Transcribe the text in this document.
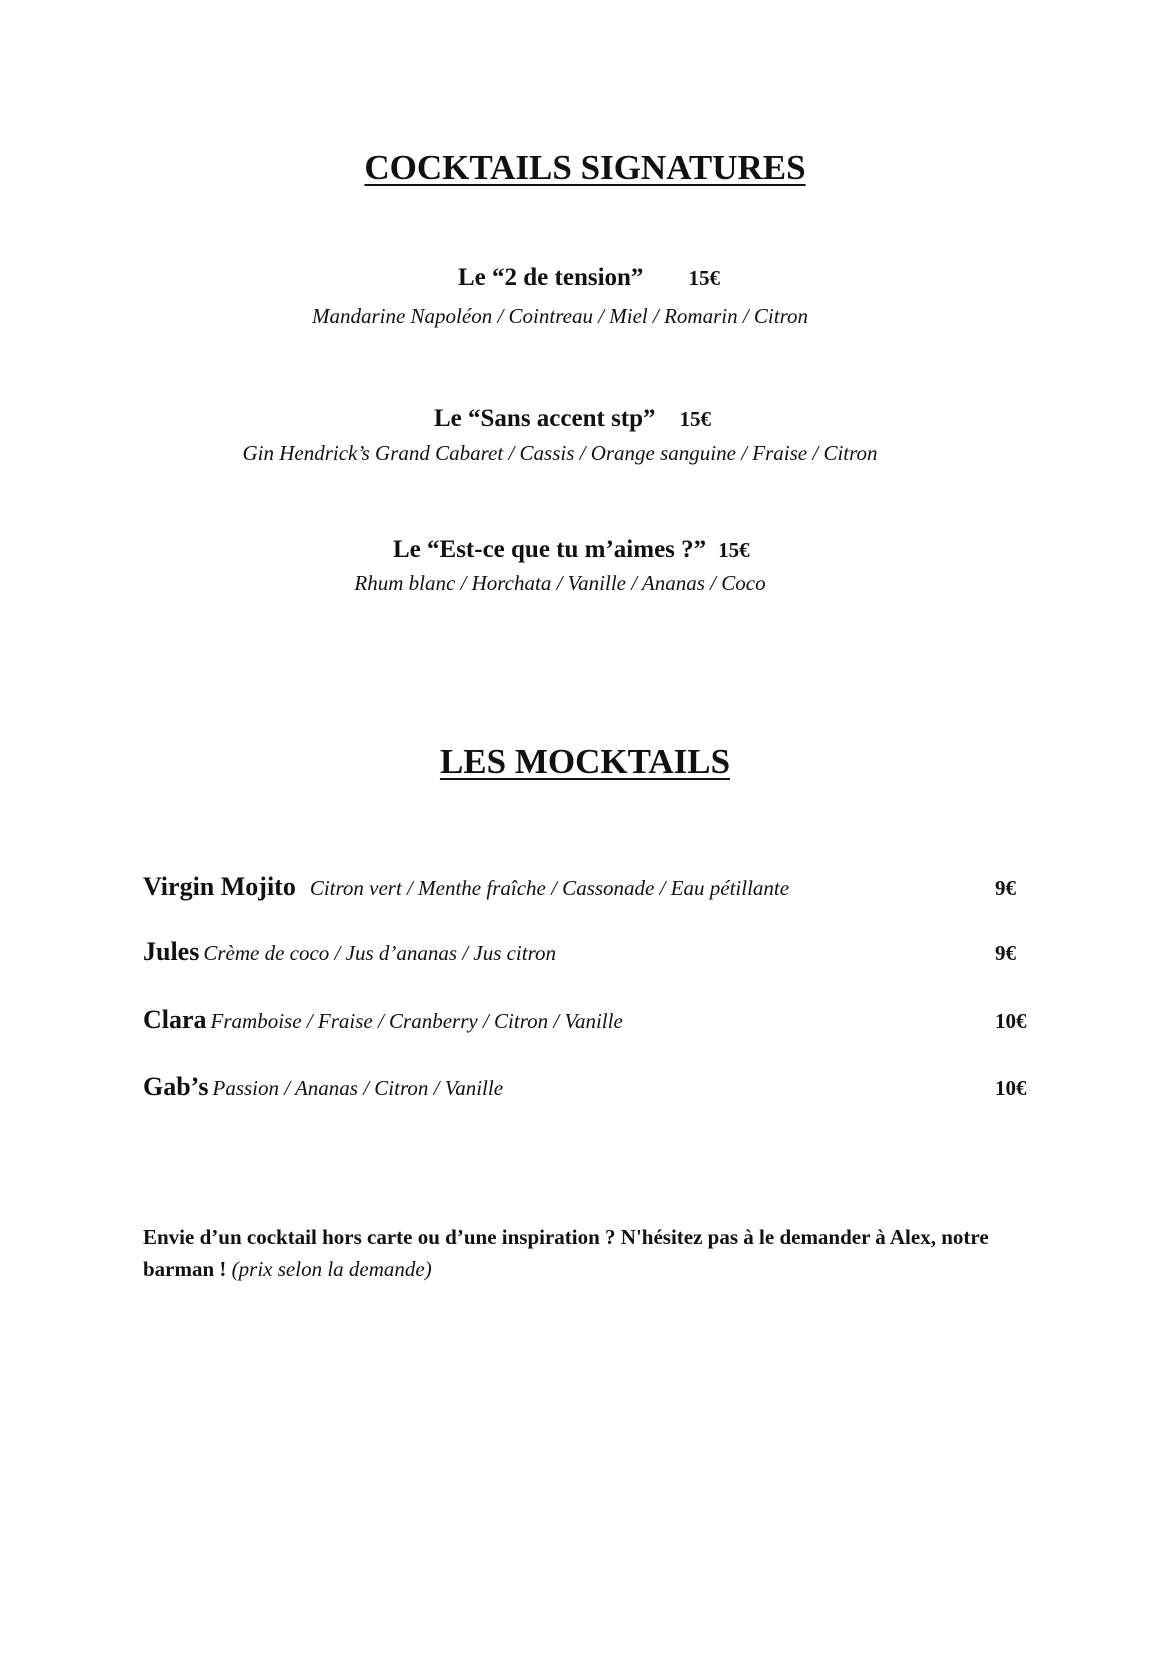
COCKTAILS SIGNATURES
Le “2 de tension” 15€
Mandarine Napoléon / Cointreau / Miel / Romarin / Citron
Le “Sans accent stp” 15€
Gin Hendrick’s Grand Cabaret / Cassis / Orange sanguine / Fraise / Citron
Le “Est-ce que tu m’aimes ?” 15€
Rhum blanc / Horchata / Vanille / Ananas / Coco
LES MOCKTAILS
Virgin Mojito Citron vert / Menthe fraîche / Cassonade / Eau pétillante	9€
Jules Crème de coco / Jus d’ananas / Jus citron	9€
Clara Framboise / Fraise / Cranberry / Citron / Vanille	10€
Gab’s Passion / Ananas / Citron / Vanille	10€

Envie d’un cocktail hors carte ou d’une inspiration ? N'hésitez pas à le demander à Alex, notre barman ! (prix selon la demande)
